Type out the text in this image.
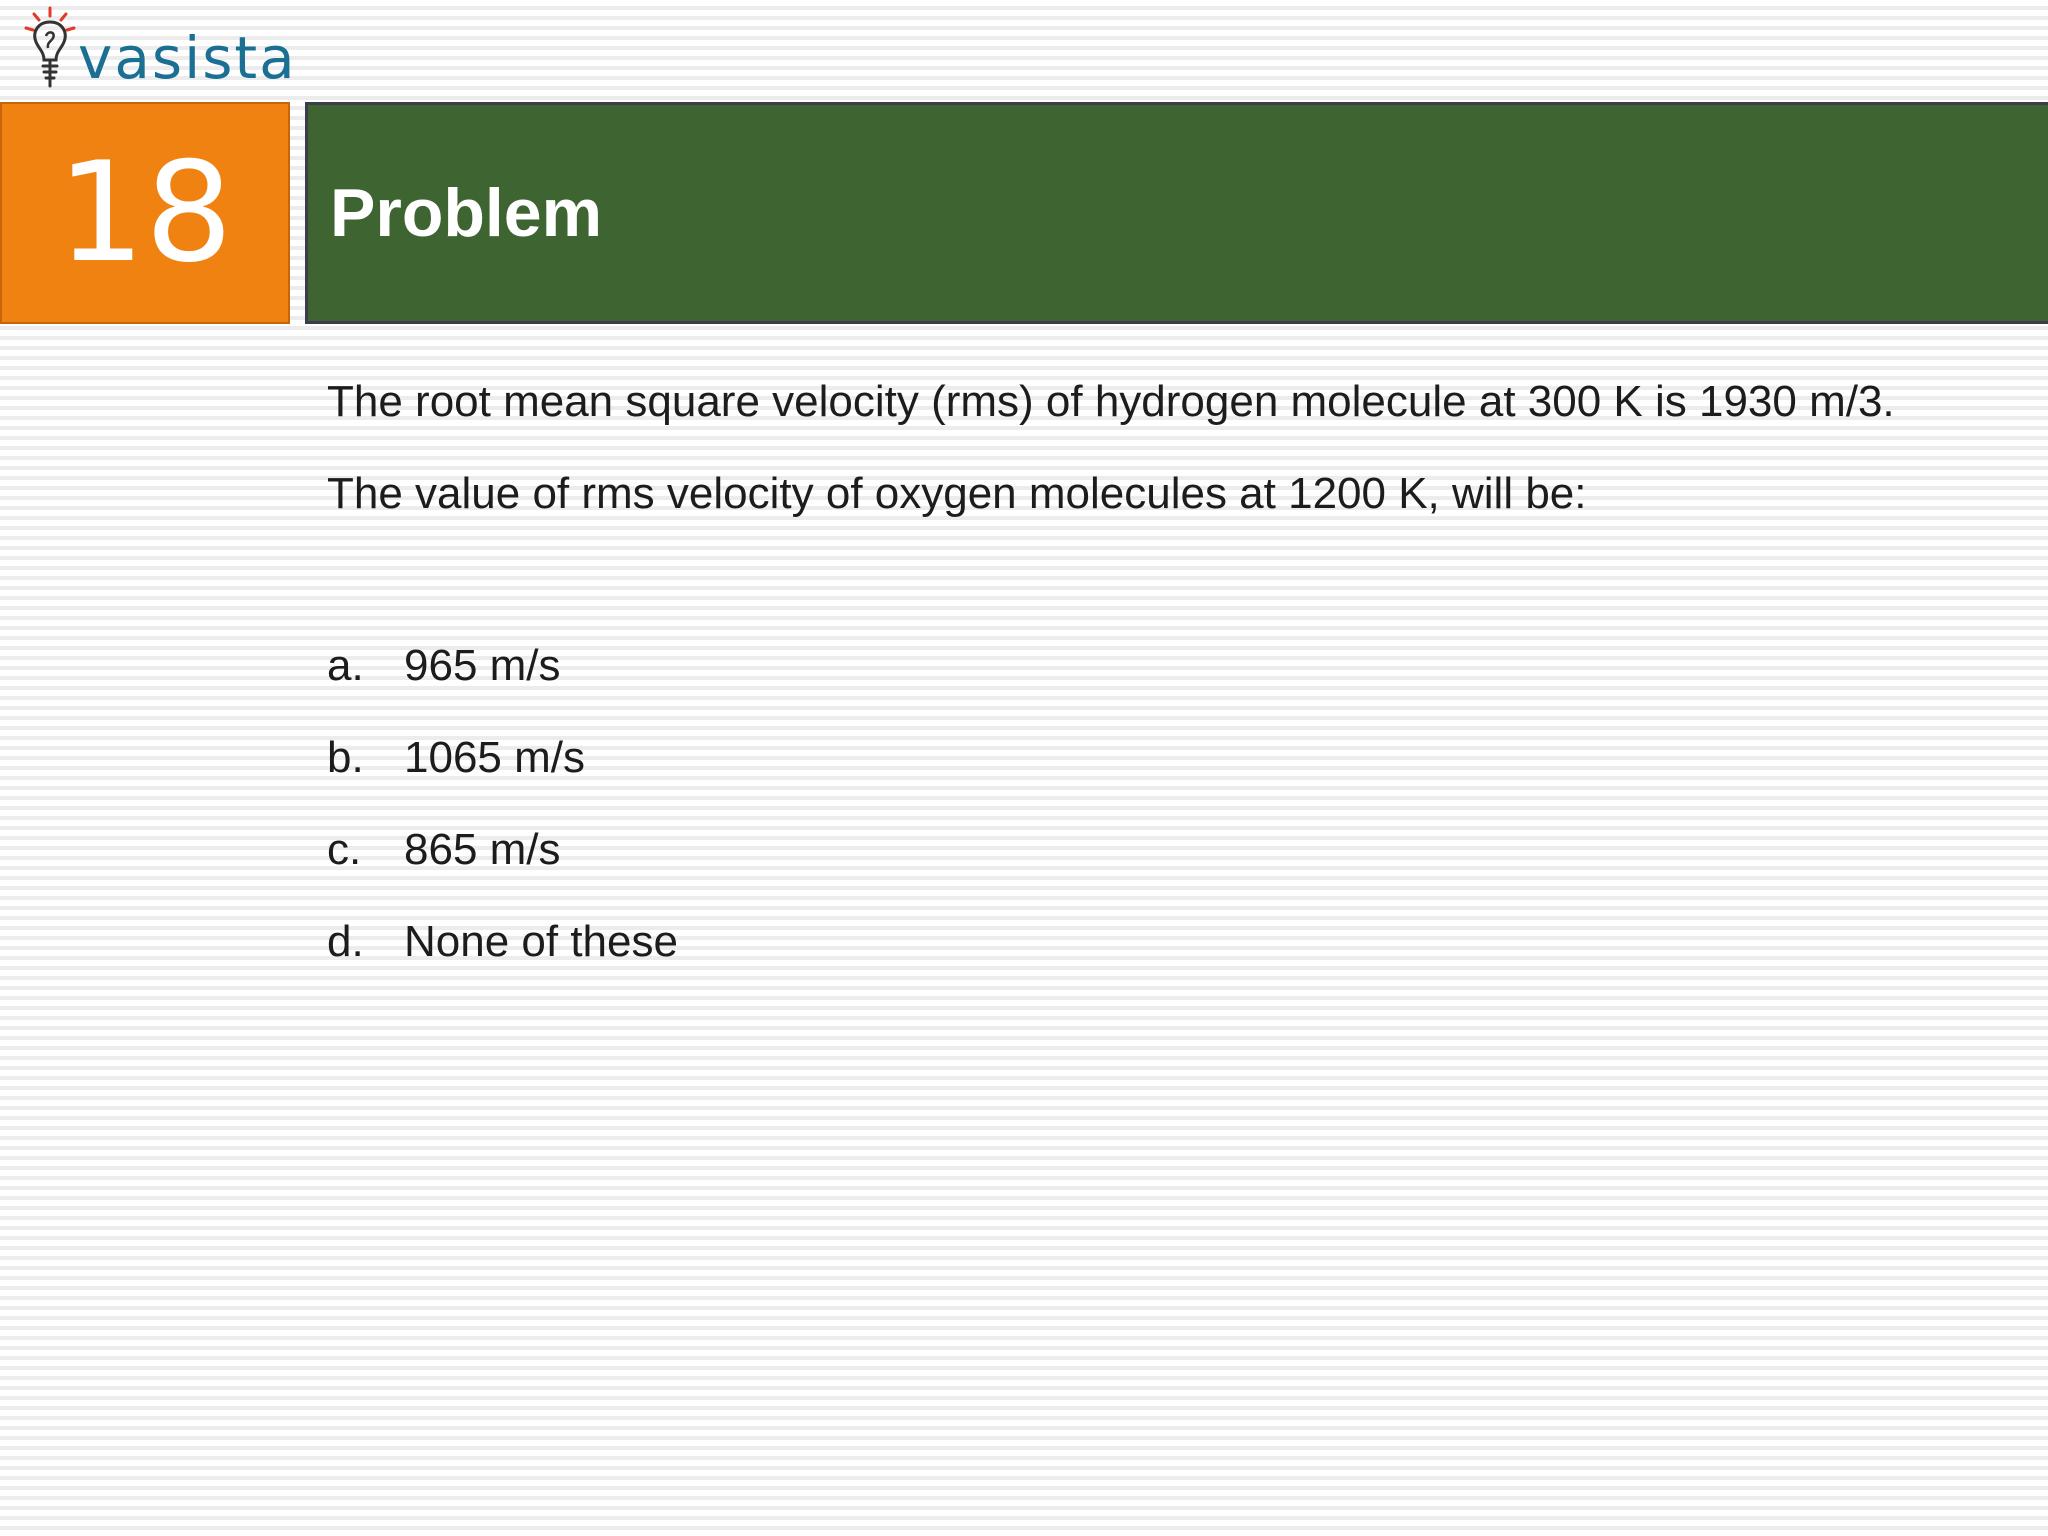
vasista
18	Problem

The root mean square velocity (rms) of hydrogen molecule at 300 K is 1930 m/3.

The value of rms velocity of oxygen molecules at 1200 K, will be:

a. 965 m/s
b. 1065 m/s
c. 865 m/s
d. None of these
